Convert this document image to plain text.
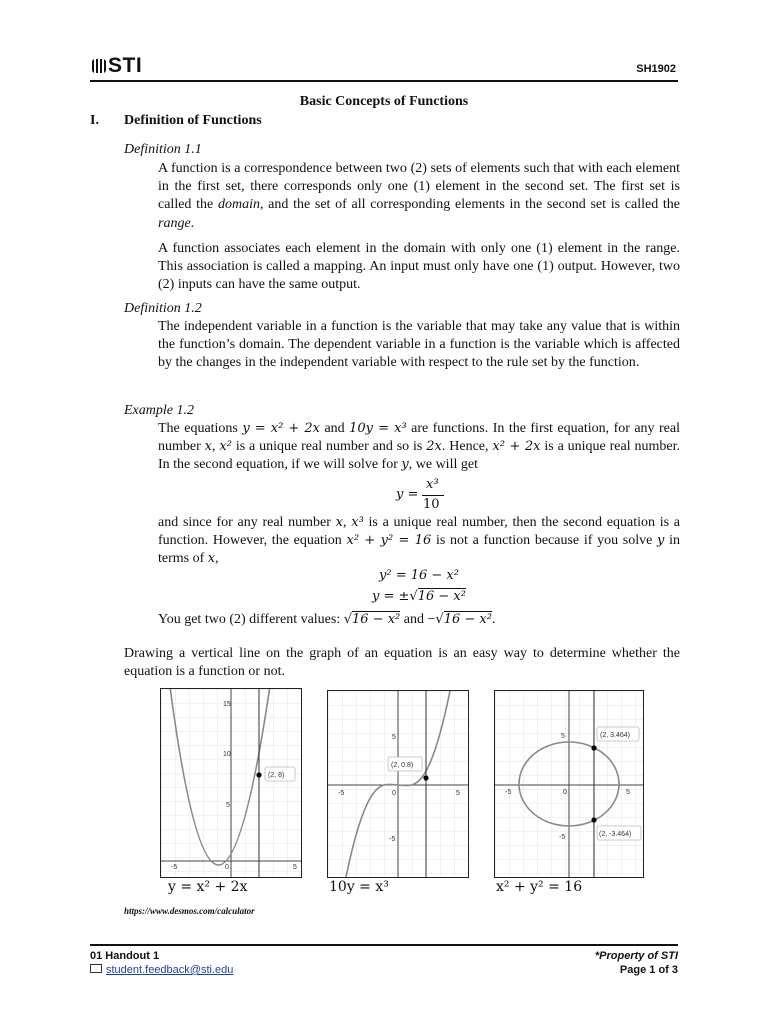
STI	SH1902
Basic Concepts of Functions
I. Definition of Functions
Definition 1.1
A function is a correspondence between two (2) sets of elements such that with each element in the first set, there corresponds only one (1) element in the second set. The first set is called the domain, and the set of all corresponding elements in the second set is called the range.
A function associates each element in the domain with only one (1) element in the range. This association is called a mapping. An input must only have one (1) output. However, two (2) inputs can have the same output.
Definition 1.2
The independent variable in a function is the variable that may take any value that is within the function’s domain. The dependent variable in a function is the variable which is affected by the changes in the independent variable with respect to the rule set by the function.
Example 1.2
The equations y = x² + 2x and 10y = x³ are functions. In the first equation, for any real number x, x² is a unique real number and so is 2x. Hence, x² + 2x is a unique real number. In the second equation, if we will solve for y, we will get
y =
x³
10
and since for any real number x, x³ is a unique real number, then the second equation is a function. However, the equation x² + y² = 16 is not a function because if you solve y in terms of x,
y² = 16 − x²
y = ±√16 − x²
You get two (2) different values: √16 − x² and −√16 − x².
Drawing a vertical line on the graph of an equation is an easy way to determine whether the equation is a function or not.
-5	0	5
15
10
5
(2, 8)
y = x² + 2x
-5	0	5
5
-5
(2, 0.8)
10y = x³
-5	0	5
5
-5
(2, 3.464)
(2, -3.464)
x² + y² = 16
https://www.desmos.com/calculator
01 Handout 1
student.feedback@sti.edu
*Property of STI
Page 1 of 3
